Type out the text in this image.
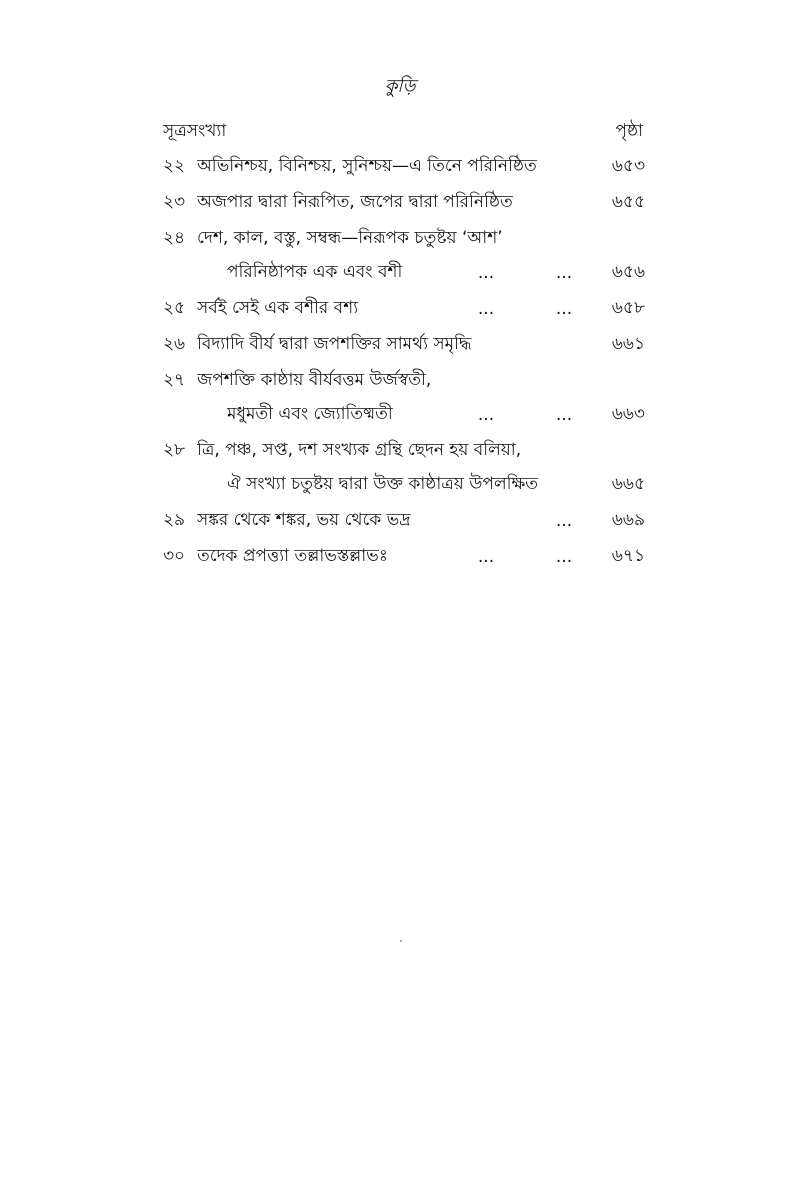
কুড়ি
সূত্রসংখ্যা	পৃষ্ঠা
২২ অভিনিশ্চয়, বিনিশ্চয়, সুনিশ্চয়—এ তিনে পরিনিষ্ঠিত	৬৫৩
২৩ অজপার দ্বারা নিরূপিত, জপের দ্বারা পরিনিষ্ঠিত	৬৫৫
২৪ দেশ, কাল, বস্তু, সম্বন্ধ—নিরূপক চতুষ্টয় ‘আশ’
পরিনিষ্ঠাপক এক এবং বশী	...	...	৬৫৬
২৫ সর্বই সেই এক বশীর বশ্য	...	...	৬৫৮
২৬ বিদ্যাদি বীর্য দ্বারা জপশক্তির সামর্থ্য সমৃদ্ধি	৬৬১
২৭ জপশক্তি কাষ্ঠায় বীর্যবত্তম উর্জস্বতী,
মধুমতী এবং জ্যোতিষ্মতী	...	...	৬৬৩
২৮ ত্রি, পঞ্চ, সপ্ত, দশ সংখ্যক গ্রন্থি ছেদন হয় বলিয়া,
ঐ সংখ্যা চতুষ্টয় দ্বারা উক্ত কাষ্ঠাত্রয় উপলক্ষিত	৬৬৫
২৯ সঙ্কর থেকে শঙ্কর, ভয় থেকে ভদ্র	...	৬৬৯
৩০ তদেক প্রপত্ত্যা তল্লাভস্তল্লাভঃ	...	...	৬৭১
